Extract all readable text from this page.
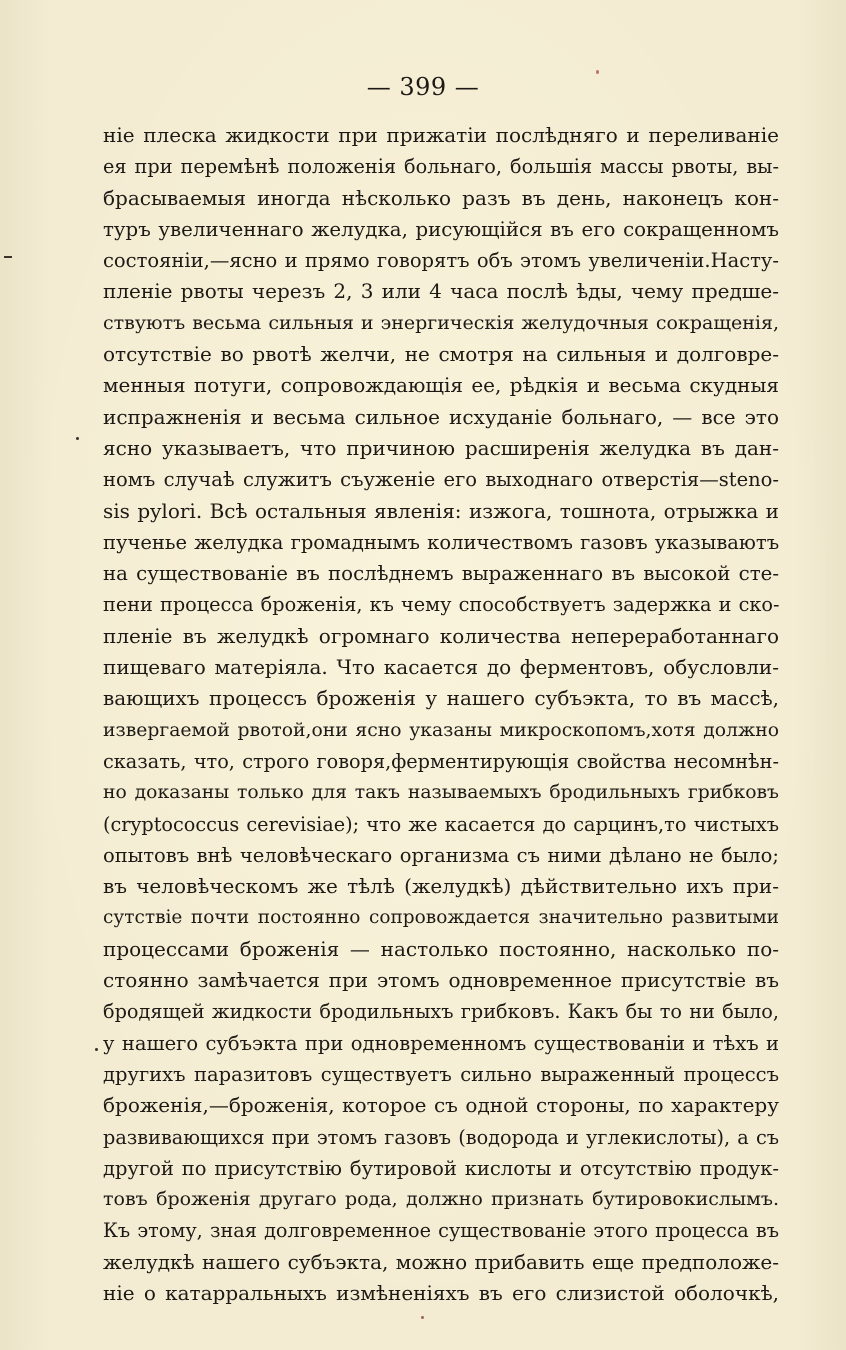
— 399 —
ніе плеска жидкости при прижатіи послѣдняго и переливаніе
ея при перемѣнѣ положенія больнаго, большія массы рвоты, вы-
брасываемыя иногда нѣсколько разъ въ день, наконецъ кон-
туръ увеличеннаго желудка, рисующійся въ его сокращенномъ
состояніи,—ясно и прямо говорятъ объ этомъ увеличеніи.Насту-
пленіе рвоты черезъ 2, 3 или 4 часа послѣ ѣды, чему предше-
ствуютъ весьма сильныя и энергическія желудочныя сокращенія,
отсутствіе во рвотѣ желчи, не смотря на сильныя и долговре-
менныя потуги, сопровождающія ее, рѣдкія и весьма скудныя
испражненія и весьма сильное исхуданіе больнаго, — все это
ясно указываетъ, что причиною расширенія желудка въ дан-
номъ случаѣ служитъ съуженіе его выходнаго отверстія—steno-
sis pylori. Всѣ остальныя явленія: изжога, тошнота, отрыжка и
пученье желудка громаднымъ количествомъ газовъ указываютъ
на существованіе въ послѣднемъ выраженнаго въ высокой сте-
пени процесса броженія, къ чему способствуетъ задержка и ско-
пленіе въ желудкѣ огромнаго количества непереработаннаго
пищеваго матеріяла. Что касается до ферментовъ, обусловли-
вающихъ процессъ броженія у нашего субъэкта, то въ массѣ,
извергаемой рвотой,они ясно указаны микроскопомъ,хотя должно
сказать, что, строго говоря,ферментирующія свойства несомнѣн-
но доказаны только для такъ называемыхъ бродильныхъ грибковъ
(cryptococcus cerevisiae); что же касается до сарцинъ,то чистыхъ
опытовъ внѣ человѣческаго организма съ ними дѣлано не было;
въ человѣческомъ же тѣлѣ (желудкѣ) дѣйствительно ихъ при-
сутствіе почти постоянно сопровождается значительно развитыми
процессами броженія — настолько постоянно, насколько по-
стоянно замѣчается при этомъ одновременное присутствіе въ
бродящей жидкости бродильныхъ грибковъ. Какъ бы то ни было,
у нашего субъэкта при одновременномъ существованіи и тѣхъ и
другихъ паразитовъ существуетъ сильно выраженный процессъ
броженія,—броженія, которое съ одной стороны, по характеру
развивающихся при этомъ газовъ (водорода и углекислоты), а съ
другой по присутствію бутировой кислоты и отсутствію продук-
товъ броженія другаго рода, должно признать бутировокислымъ.
Къ этому, зная долговременное существованіе этого процесса въ
желудкѣ нашего субъэкта, можно прибавить еще предположе-
ніе о катарральныхъ измѣненіяхъ въ его слизистой оболочкѣ,
